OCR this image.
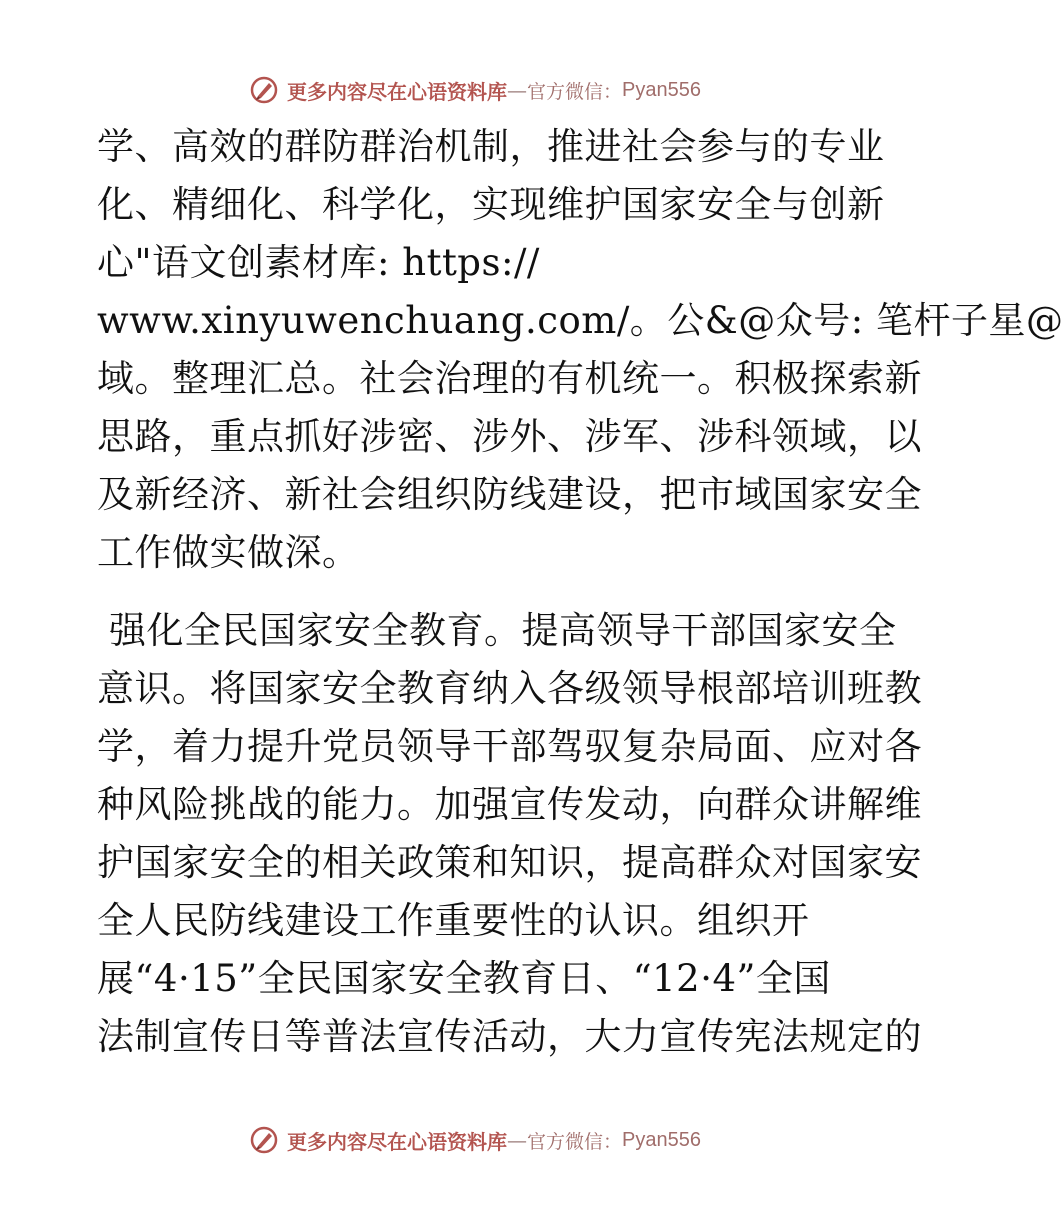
更多内容尽在心语资料库 — 官方微信： Pyan556
学、高效的群防群治机制，推进社会参与的专业
化、精细化、科学化，实现维护国家安全与创新
心"语文创素材库: https://
www.xinyuwenchuang.com/。公&@众号: 笔杆子星@
域。整理汇总。社会治理的有机统一。积极探索新
思路，重点抓好涉密、涉外、涉军、涉科领域，以
及新经济、新社会组织防线建设，把市域国家安全
工作做实做深。
强化全民国家安全教育。提高领导干部国家安全
意识。将国家安全教育纳入各级领导根部培训班教
学，着力提升党员领导干部驾驭复杂局面、应对各
种风险挑战的能力。加强宣传发动，向群众讲解维
护国家安全的相关政策和知识，提高群众对国家安
全人民防线建设工作重要性的认识。组织开
展“4·15”全民国家安全教育日、“12·4”全国
法制宣传日等普法宣传活动，大力宣传宪法规定的
更多内容尽在心语资料库 — 官方微信： Pyan556
